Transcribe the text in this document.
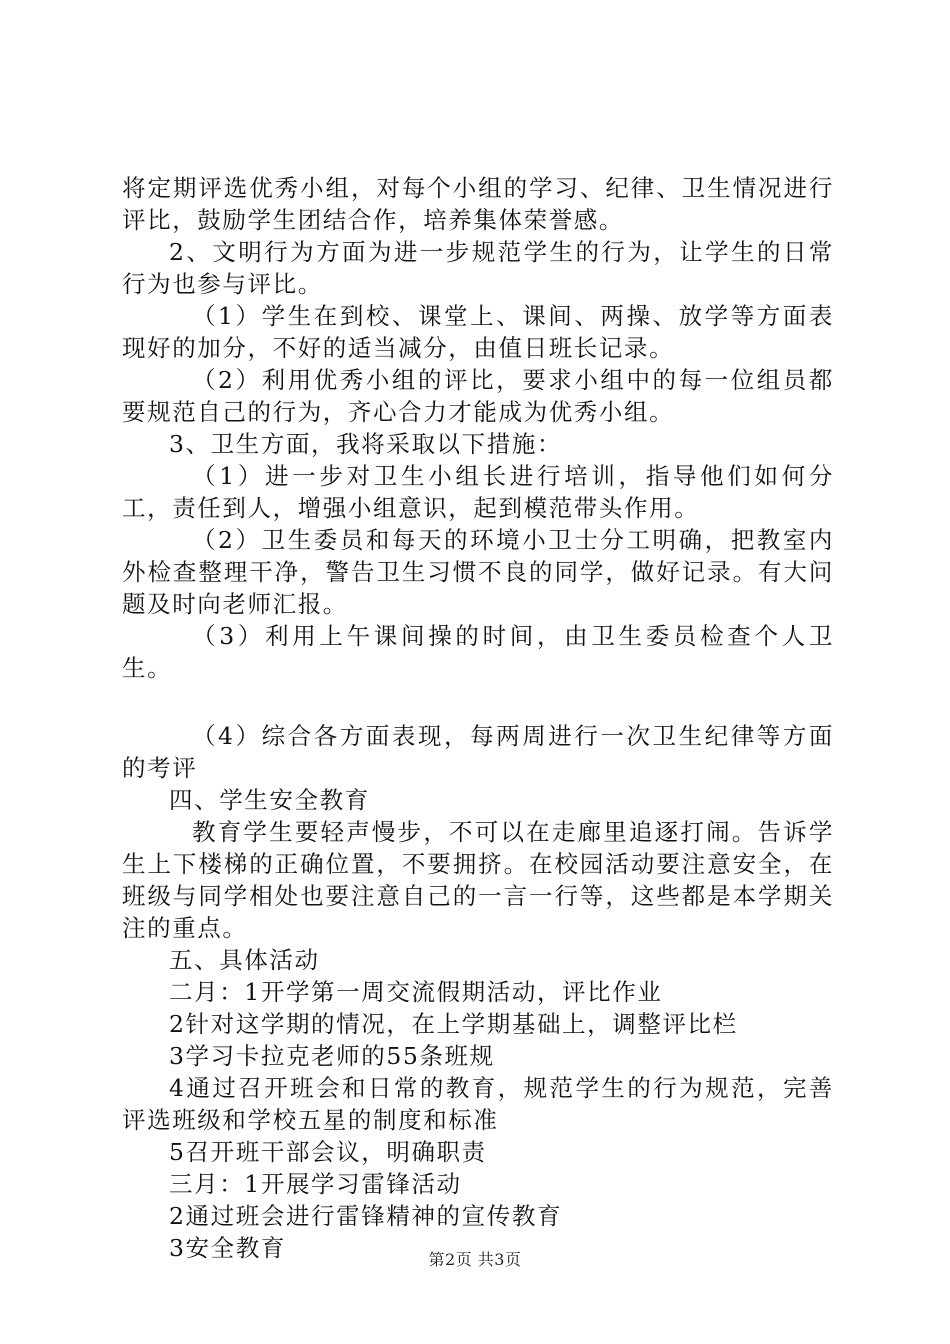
将定期评选优秀小组，对每个小组的学习、纪律、卫生情况进行评比，鼓励学生团结合作，培养集体荣誉感。

2、文明行为方面为进一步规范学生的行为，让学生的日常行为也参与评比。

（1）学生在到校、课堂上、课间、两操、放学等方面表现好的加分，不好的适当减分，由值日班长记录。

（2）利用优秀小组的评比，要求小组中的每一位组员都要规范自己的行为，齐心合力才能成为优秀小组。

3、卫生方面，我将采取以下措施：

（1）进一步对卫生小组长进行培训，指导他们如何分工，责任到人，增强小组意识，起到模范带头作用。

（2）卫生委员和每天的环境小卫士分工明确，把教室内外检查整理干净，警告卫生习惯不良的同学，做好记录。有大问题及时向老师汇报。

（3）利用上午课间操的时间，由卫生委员检查个人卫生。

（4）综合各方面表现，每两周进行一次卫生纪律等方面的考评

四、学生安全教育

教育学生要轻声慢步，不可以在走廊里追逐打闹。告诉学生上下楼梯的正确位置，不要拥挤。在校园活动要注意安全，在班级与同学相处也要注意自己的一言一行等，这些都是本学期关注的重点。

五、具体活动

二月：1开学第一周交流假期活动，评比作业

2针对这学期的情况，在上学期基础上，调整评比栏

3学习卡拉克老师的55条班规

4通过召开班会和日常的教育，规范学生的行为规范，完善评选班级和学校五星的制度和标准

5召开班干部会议，明确职责

三月：1开展学习雷锋活动

2通过班会进行雷锋精神的宣传教育

3安全教育	第2页 共3页
